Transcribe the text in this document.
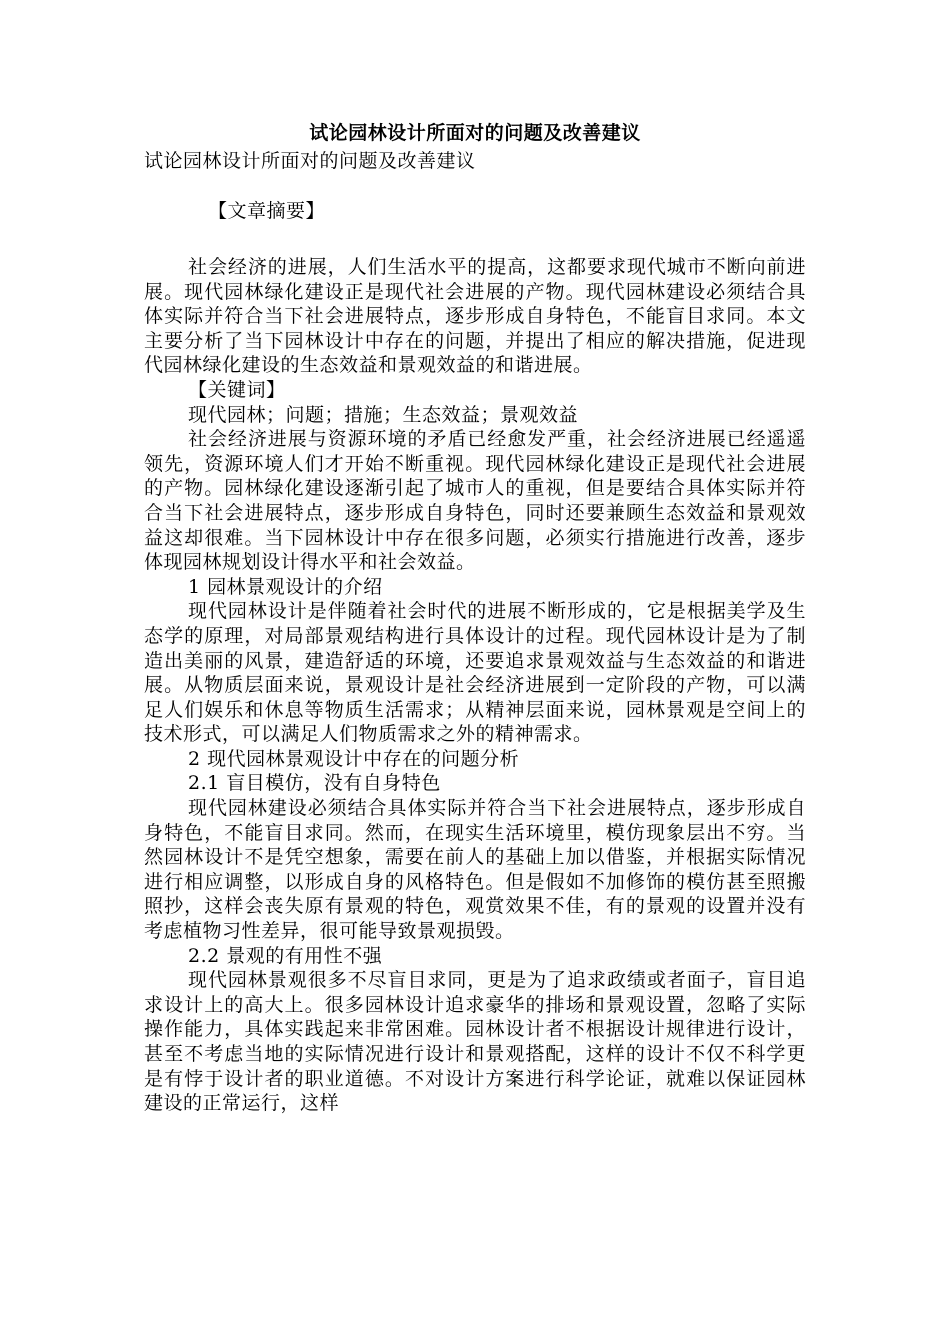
试论园林设计所面对的问题及改善建议

试论园林设计所面对的问题及改善建议

【文章摘要】

社会经济的进展，人们生活水平的提高，这都要求现代城市不断向前进展。现代园林绿化建设正是现代社会进展的产物。现代园林建设必须结合具体实际并符合当下社会进展特点，逐步形成自身特色，不能盲目求同。本文主要分析了当下园林设计中存在的问题，并提出了相应的解决措施，促进现代园林绿化建设的生态效益和景观效益的和谐进展。

【关键词】

现代园林；问题；措施；生态效益；景观效益

社会经济进展与资源环境的矛盾已经愈发严重，社会经济进展已经遥遥领先，资源环境人们才开始不断重视。现代园林绿化建设正是现代社会进展的产物。园林绿化建设逐渐引起了城市人的重视，但是要结合具体实际并符合当下社会进展特点，逐步形成自身特色，同时还要兼顾生态效益和景观效益这却很难。当下园林设计中存在很多问题，必须实行措施进行改善，逐步体现园林规划设计得水平和社会效益。

1 园林景观设计的介绍

现代园林设计是伴随着社会时代的进展不断形成的，它是根据美学及生态学的原理，对局部景观结构进行具体设计的过程。现代园林设计是为了制造出美丽的风景，建造舒适的环境，还要追求景观效益与生态效益的和谐进展。从物质层面来说，景观设计是社会经济进展到一定阶段的产物，可以满足人们娱乐和休息等物质生活需求；从精神层面来说，园林景观是空间上的技术形式，可以满足人们物质需求之外的精神需求。

2 现代园林景观设计中存在的问题分析

2.1 盲目模仿，没有自身特色

现代园林建设必须结合具体实际并符合当下社会进展特点，逐步形成自身特色，不能盲目求同。然而，在现实生活环境里，模仿现象层出不穷。当然园林设计不是凭空想象，需要在前人的基础上加以借鉴，并根据实际情况进行相应调整，以形成自身的风格特色。但是假如不加修饰的模仿甚至照搬照抄，这样会丧失原有景观的特色，观赏效果不佳，有的景观的设置并没有考虑植物习性差异，很可能导致景观损毁。

2.2 景观的有用性不强

现代园林景观很多不尽盲目求同，更是为了追求政绩或者面子，盲目追求设计上的高大上。很多园林设计追求豪华的排场和景观设置，忽略了实际操作能力，具体实践起来非常困难。园林设计者不根据设计规律进行设计，甚至不考虑当地的实际情况进行设计和景观搭配，这样的设计不仅不科学更是有悖于设计者的职业道德。不对设计方案进行科学论证，就难以保证园林建设的正常运行，这样
